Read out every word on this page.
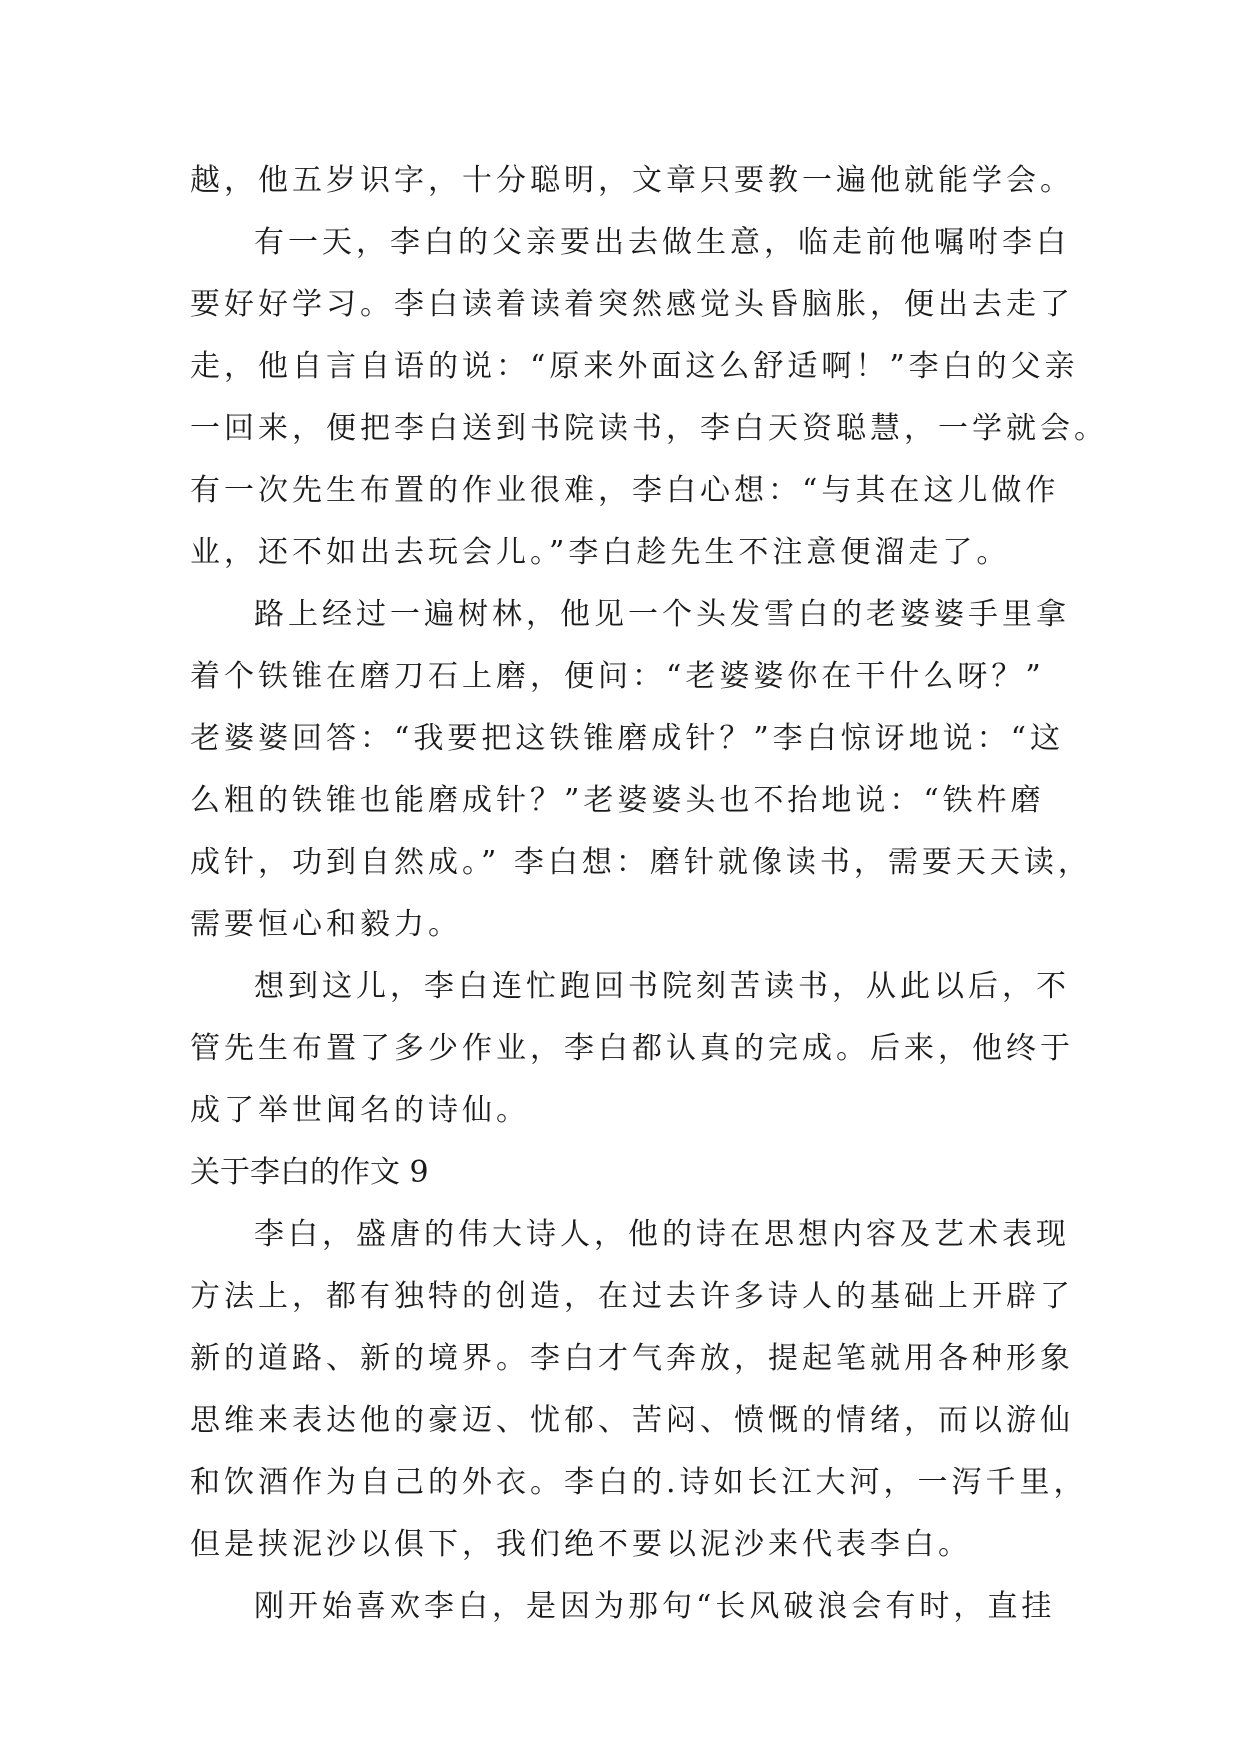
越，他五岁识字，十分聪明，文章只要教一遍他就能学会。
有一天，李白的父亲要出去做生意，临走前他嘱咐李白
要好好学习。李白读着读着突然感觉头昏脑胀，便出去走了
走，他自言自语的说：“原来外面这么舒适啊！”李白的父亲
一回来，便把李白送到书院读书，李白天资聪慧，一学就会。
有一次先生布置的作业很难，李白心想：“与其在这儿做作
业，还不如出去玩会儿。”李白趁先生不注意便溜走了。
路上经过一遍树林，他见一个头发雪白的老婆婆手里拿
着个铁锥在磨刀石上磨，便问：“老婆婆你在干什么呀？”
老婆婆回答：“我要把这铁锥磨成针？”李白惊讶地说：“这
么粗的铁锥也能磨成针？”老婆婆头也不抬地说：“铁杵磨
成针，功到自然成。” 李白想：磨针就像读书，需要天天读，
需要恒心和毅力。
想到这儿，李白连忙跑回书院刻苦读书，从此以后，不
管先生布置了多少作业，李白都认真的完成。后来，他终于
成了举世闻名的诗仙。
关于李白的作文 9
李白，盛唐的伟大诗人，他的诗在思想内容及艺术表现
方法上，都有独特的创造，在过去许多诗人的基础上开辟了
新的道路、新的境界。李白才气奔放，提起笔就用各种形象
思维来表达他的豪迈、忧郁、苦闷、愤慨的情绪，而以游仙
和饮酒作为自己的外衣。李白的.诗如长江大河，一泻千里，
但是挟泥沙以俱下，我们绝不要以泥沙来代表李白。
刚开始喜欢李白，是因为那句“长风破浪会有时，直挂
